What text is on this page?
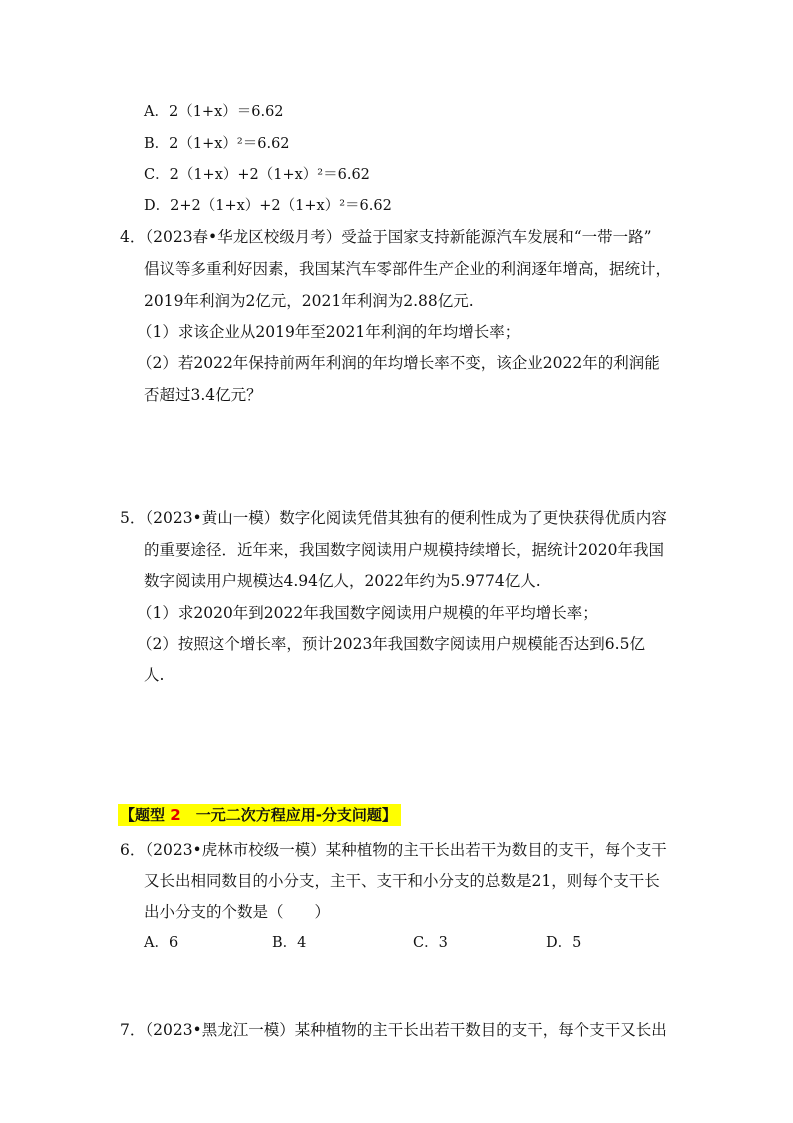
A．2（1+x）＝6.62
B．2（1+x）²＝6.62
C．2（1+x）+2（1+x）²＝6.62
D．2+2（1+x）+2（1+x）²＝6.62
4．（2023春•华龙区校级月考）受益于国家支持新能源汽车发展和“一带一路”
倡议等多重利好因素，我国某汽车零部件生产企业的利润逐年增高，据统计，
2019年利润为2亿元，2021年利润为2.88亿元.
（1）求该企业从2019年至2021年利润的年均增长率；
（2）若2022年保持前两年利润的年均增长率不变，该企业2022年的利润能
否超过3.4亿元？
5．（2023•黄山一模）数字化阅读凭借其独有的便利性成为了更快获得优质内容
的重要途径．近年来，我国数字阅读用户规模持续增长，据统计2020年我国
数字阅读用户规模达4.94亿人，2022年约为5.9774亿人.
（1）求2020年到2022年我国数字阅读用户规模的年平均增长率；
（2）按照这个增长率，预计2023年我国数字阅读用户规模能否达到6.5亿
人.
【题型 2　 一元二次方程应用-分支问题】
6．（2023•虎林市校级一模）某种植物的主干长出若干为数目的支干，每个支干
又长出相同数目的小分支，主干、支干和小分支的总数是21，则每个支干长
出小分支的个数是（　　）
A．6	B．4	C．3	D．5
7．（2023•黑龙江一模）某种植物的主干长出若干数目的支干，每个支干又长出
